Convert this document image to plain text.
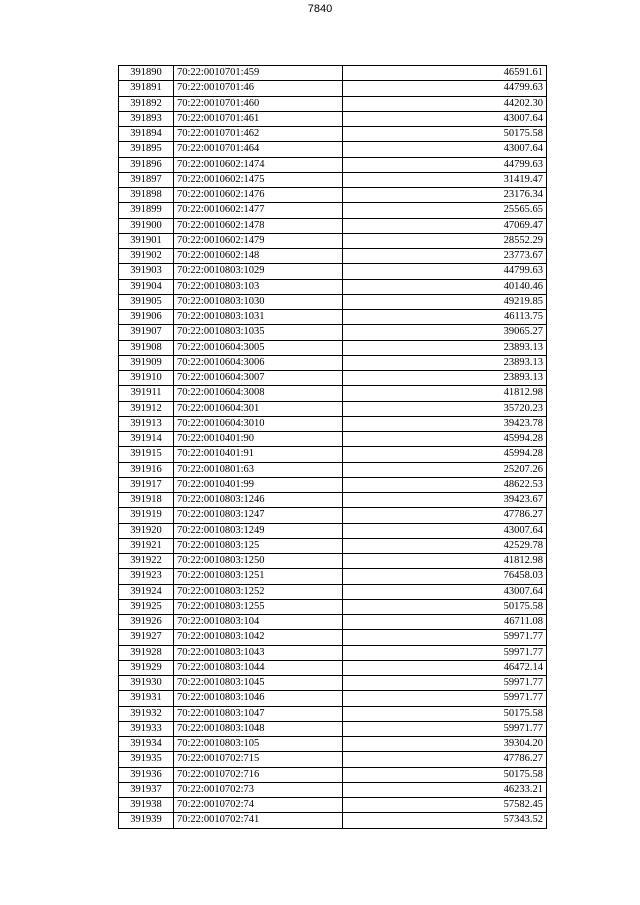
7840
391890	70:22:0010701:459	46591.61
391891	70:22:0010701:46	44799.63
391892	70:22:0010701:460	44202.30
391893	70:22:0010701:461	43007.64
391894	70:22:0010701:462	50175.58
391895	70:22:0010701:464	43007.64
391896	70:22:0010602:1474	44799.63
391897	70:22:0010602:1475	31419.47
391898	70:22:0010602:1476	23176.34
391899	70:22:0010602:1477	25565.65
391900	70:22:0010602:1478	47069.47
391901	70:22:0010602:1479	28552.29
391902	70:22:0010602:148	23773.67
391903	70:22:0010803:1029	44799.63
391904	70:22:0010803:103	40140.46
391905	70:22:0010803:1030	49219.85
391906	70:22:0010803:1031	46113.75
391907	70:22:0010803:1035	39065.27
391908	70:22:0010604:3005	23893.13
391909	70:22:0010604:3006	23893.13
391910	70:22:0010604:3007	23893.13
391911	70:22:0010604:3008	41812.98
391912	70:22:0010604:301	35720.23
391913	70:22:0010604:3010	39423.78
391914	70:22:0010401:90	45994.28
391915	70:22:0010401:91	45994.28
391916	70:22:0010801:63	25207.26
391917	70:22:0010401:99	48622.53
391918	70:22:0010803:1246	39423.67
391919	70:22:0010803:1247	47786.27
391920	70:22:0010803:1249	43007.64
391921	70:22:0010803:125	42529.78
391922	70:22:0010803:1250	41812.98
391923	70:22:0010803:1251	76458.03
391924	70:22:0010803:1252	43007.64
391925	70:22:0010803:1255	50175.58
391926	70:22:0010803:104	46711.08
391927	70:22:0010803:1042	59971.77
391928	70:22:0010803:1043	59971.77
391929	70:22:0010803:1044	46472.14
391930	70:22:0010803:1045	59971.77
391931	70:22:0010803:1046	59971.77
391932	70:22:0010803:1047	50175.58
391933	70:22:0010803:1048	59971.77
391934	70:22:0010803:105	39304.20
391935	70:22:0010702:715	47786.27
391936	70:22:0010702:716	50175.58
391937	70:22:0010702:73	46233.21
391938	70:22:0010702:74	57582.45
391939	70:22:0010702:741	57343.52
